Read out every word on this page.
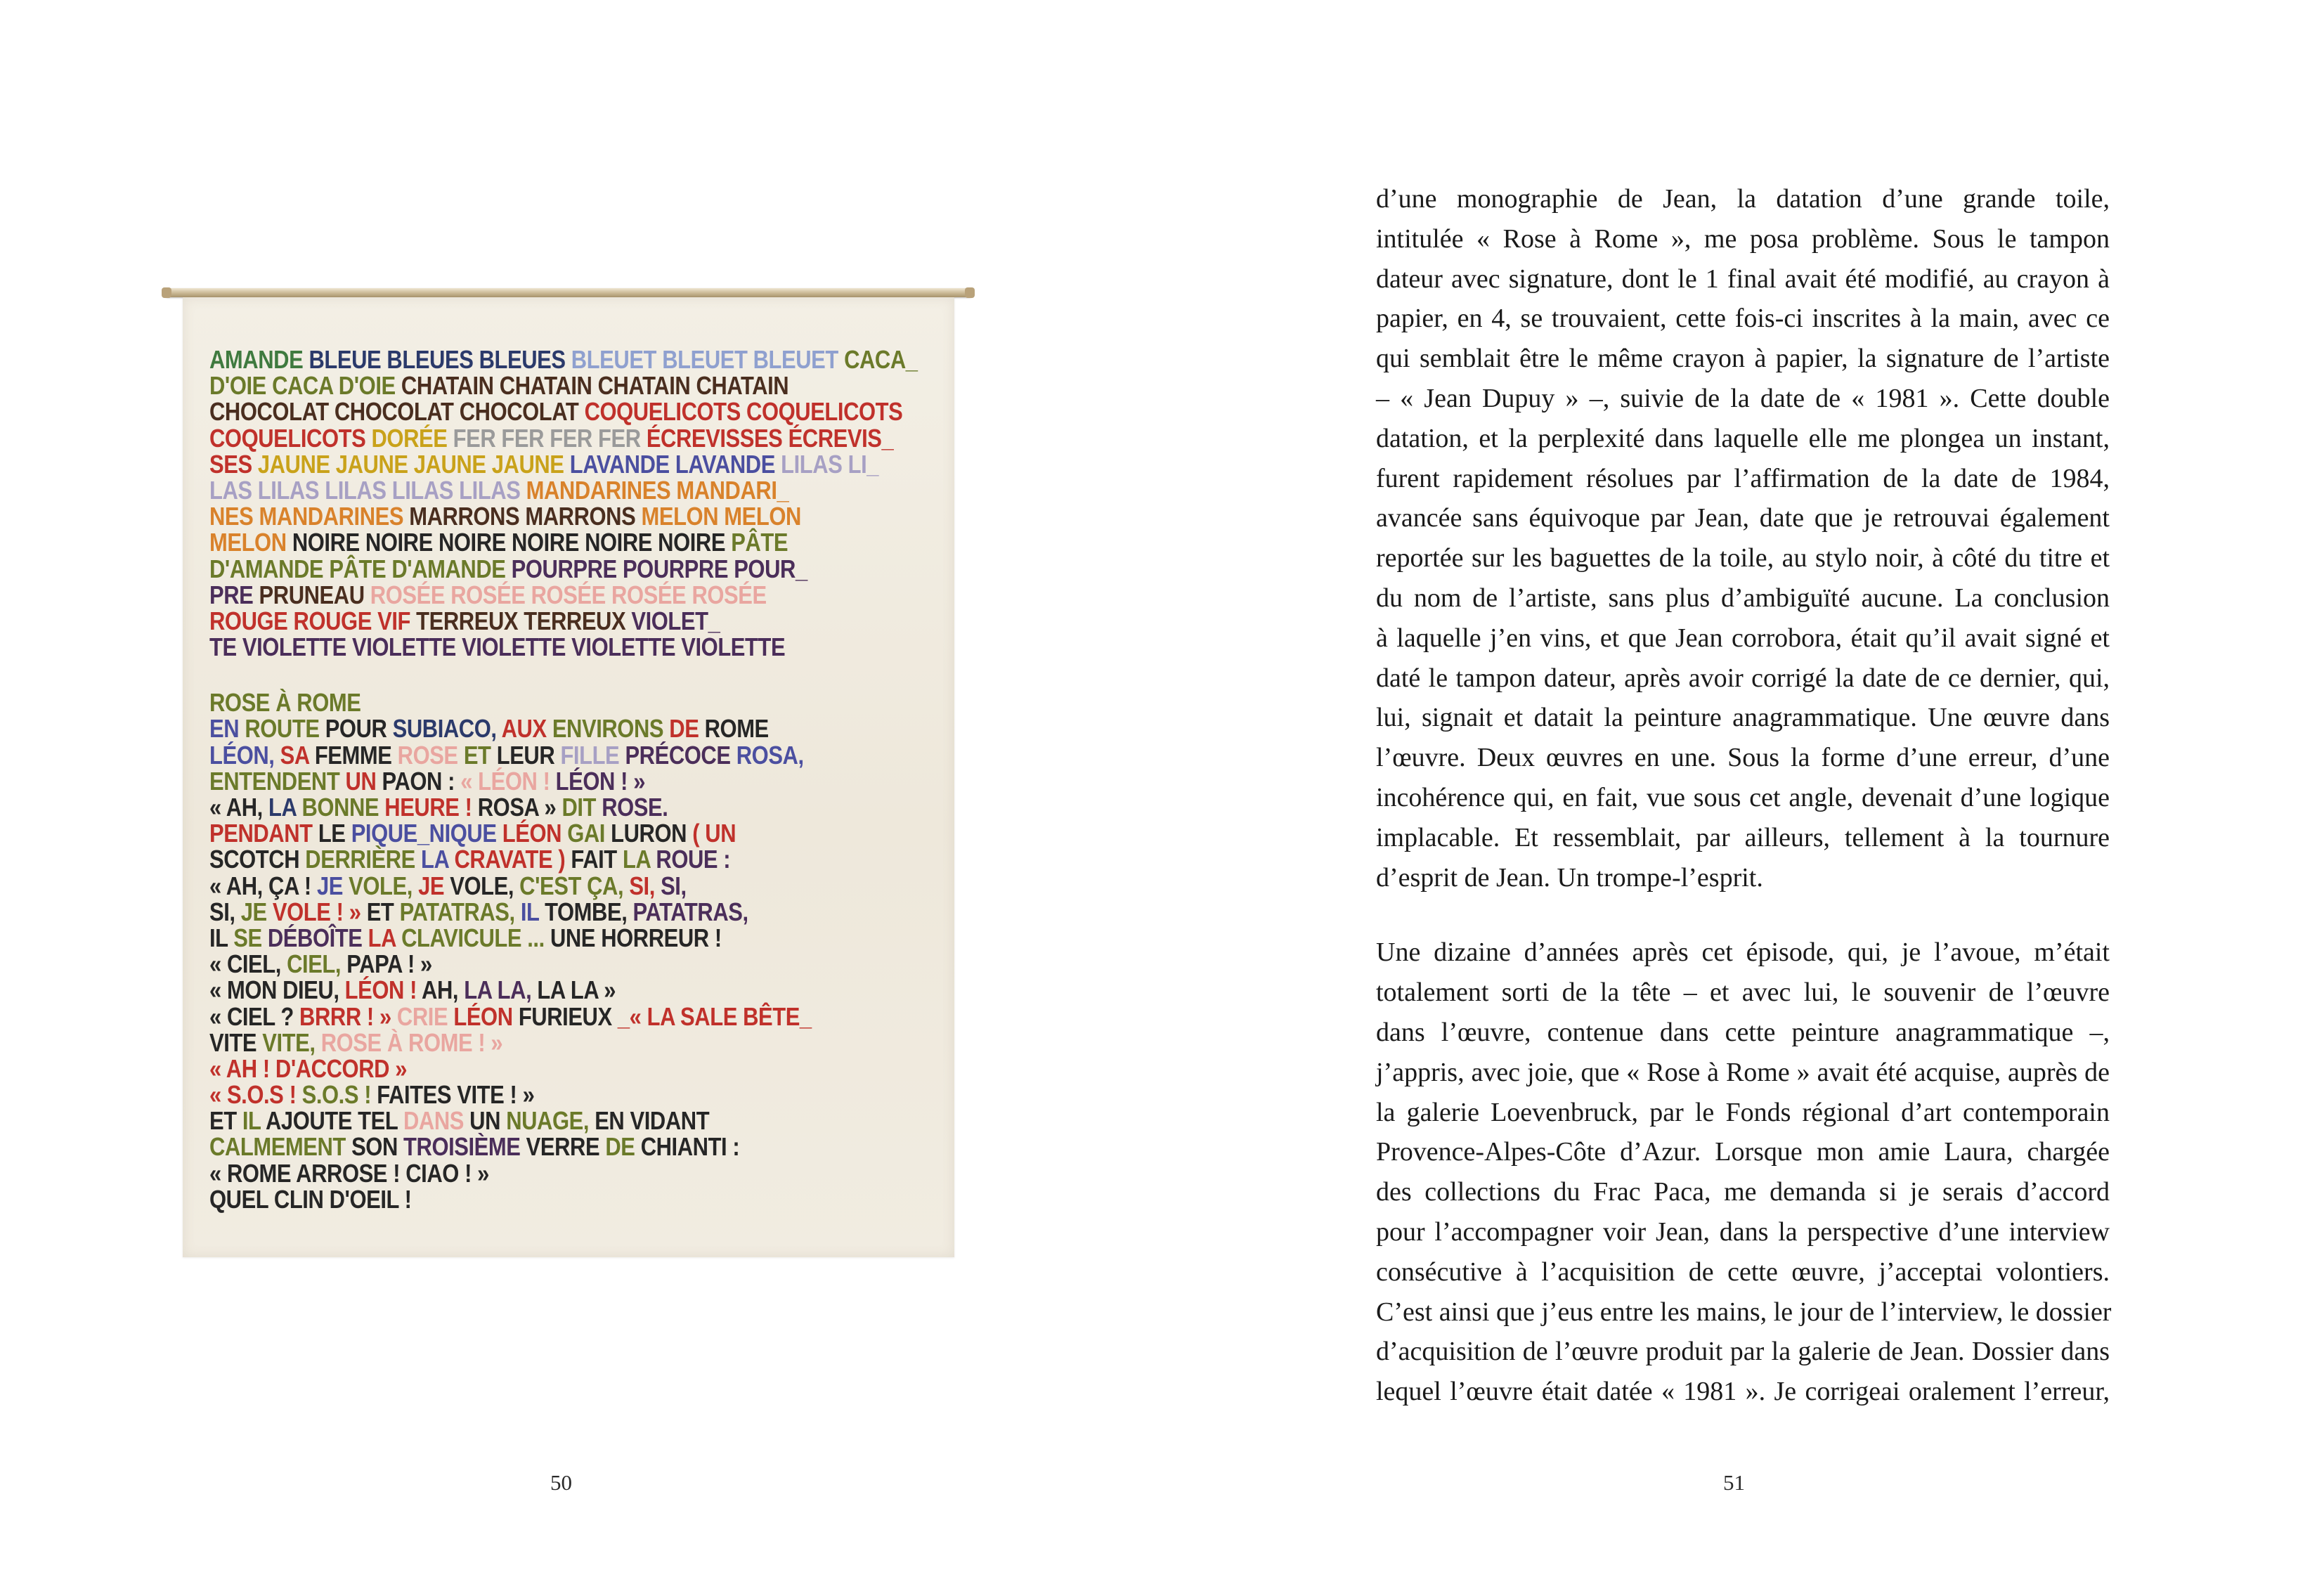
AMANDE BLEUE BLEUES BLEUES BLEUET BLEUET BLEUET CACA_
D'OIE CACA D'OIE CHATAIN CHATAIN CHATAIN CHATAIN
CHOCOLAT CHOCOLAT CHOCOLAT COQUELICOTS COQUELICOTS
COQUELICOTS DORÉE FER FER FER FER ÉCREVISSES ÉCREVIS_
SES JAUNE JAUNE JAUNE JAUNE LAVANDE LAVANDE LILAS LI_
LAS LILAS LILAS LILAS LILAS MANDARINES MANDARI_
NES MANDARINES MARRONS MARRONS MELON MELON
MELON NOIRE NOIRE NOIRE NOIRE NOIRE NOIRE PÂTE
D'AMANDE PÂTE D'AMANDE POURPRE POURPRE POUR_
PRE PRUNEAU ROSÉE ROSÉE ROSÉE ROSÉE ROSÉE
ROUGE ROUGE VIF TERREUX TERREUX VIOLET_
TE VIOLETTE VIOLETTE VIOLETTE VIOLETTE VIOLETTE
ROSE À ROME
EN ROUTE POUR SUBIACO, AUX ENVIRONS DE ROME
LÉON, SA FEMME ROSE ET LEUR FILLE PRÉCOCE ROSA,
ENTENDENT UN PAON : « LÉON ! LÉON ! »
« AH, LA BONNE HEURE ! ROSA » DIT ROSE.
PENDANT LE PIQUE_NIQUE LÉON GAI LURON ( UN
SCOTCH DERRIÈRE LA CRAVATE ) FAIT LA ROUE :
« AH, ÇA ! JE VOLE, JE VOLE, C'EST ÇA, SI, SI,
SI, JE VOLE ! » ET PATATRAS, IL TOMBE, PATATRAS,
IL SE DÉBOÎTE LA CLAVICULE ... UNE HORREUR !
« CIEL, CIEL, PAPA ! »
« MON DIEU, LÉON ! AH, LA LA, LA LA »
« CIEL ? BRRR ! » CRIE LÉON FURIEUX _« LA SALE BÊTE_
VITE VITE, ROSE À ROME ! »
« AH ! D'ACCORD »
« S.O.S ! S.O.S ! FAITES VITE ! »
ET IL AJOUTE TEL DANS UN NUAGE, EN VIDANT
CALMEMENT SON TROISIÈME VERRE DE CHIANTI :
« ROME ARROSE ! CIAO ! »
QUEL CLIN D'OEIL !
50
d’une monographie de Jean, la datation d’une grande toile,
intitulée « Rose à Rome », me posa problème. Sous le tampon
dateur avec signature, dont le 1 final avait été modifié, au crayon à
papier, en 4, se trouvaient, cette fois-ci inscrites à la main, avec ce
qui semblait être le même crayon à papier, la signature de l’artiste
– « Jean Dupuy » –, suivie de la date de « 1981 ». Cette double
datation, et la perplexité dans laquelle elle me plongea un instant,
furent rapidement résolues par l’affirmation de la date de 1984,
avancée sans équivoque par Jean, date que je retrouvai également
reportée sur les baguettes de la toile, au stylo noir, à côté du titre et
du nom de l’artiste, sans plus d’ambiguïté aucune. La conclusion
à laquelle j’en vins, et que Jean corrobora, était qu’il avait signé et
daté le tampon dateur, après avoir corrigé la date de ce dernier, qui,
lui, signait et datait la peinture anagrammatique. Une œuvre dans
l’œuvre. Deux œuvres en une. Sous la forme d’une erreur, d’une
incohérence qui, en fait, vue sous cet angle, devenait d’une logique
implacable. Et ressemblait, par ailleurs, tellement à la tournure
d’esprit de Jean. Un trompe-l’esprit.
Une dizaine d’années après cet épisode, qui, je l’avoue, m’était
totalement sorti de la tête – et avec lui, le souvenir de l’œuvre
dans l’œuvre, contenue dans cette peinture anagrammatique –,
j’appris, avec joie, que « Rose à Rome » avait été acquise, auprès de
la galerie Loevenbruck, par le Fonds régional d’art contemporain
Provence-Alpes-Côte d’Azur. Lorsque mon amie Laura, chargée
des collections du Frac Paca, me demanda si je serais d’accord
pour l’accompagner voir Jean, dans la perspective d’une interview
consécutive à l’acquisition de cette œuvre, j’acceptai volontiers.
C’est ainsi que j’eus entre les mains, le jour de l’interview, le dossier
d’acquisition de l’œuvre produit par la galerie de Jean. Dossier dans
lequel l’œuvre était datée « 1981 ». Je corrigeai oralement l’erreur,
51
